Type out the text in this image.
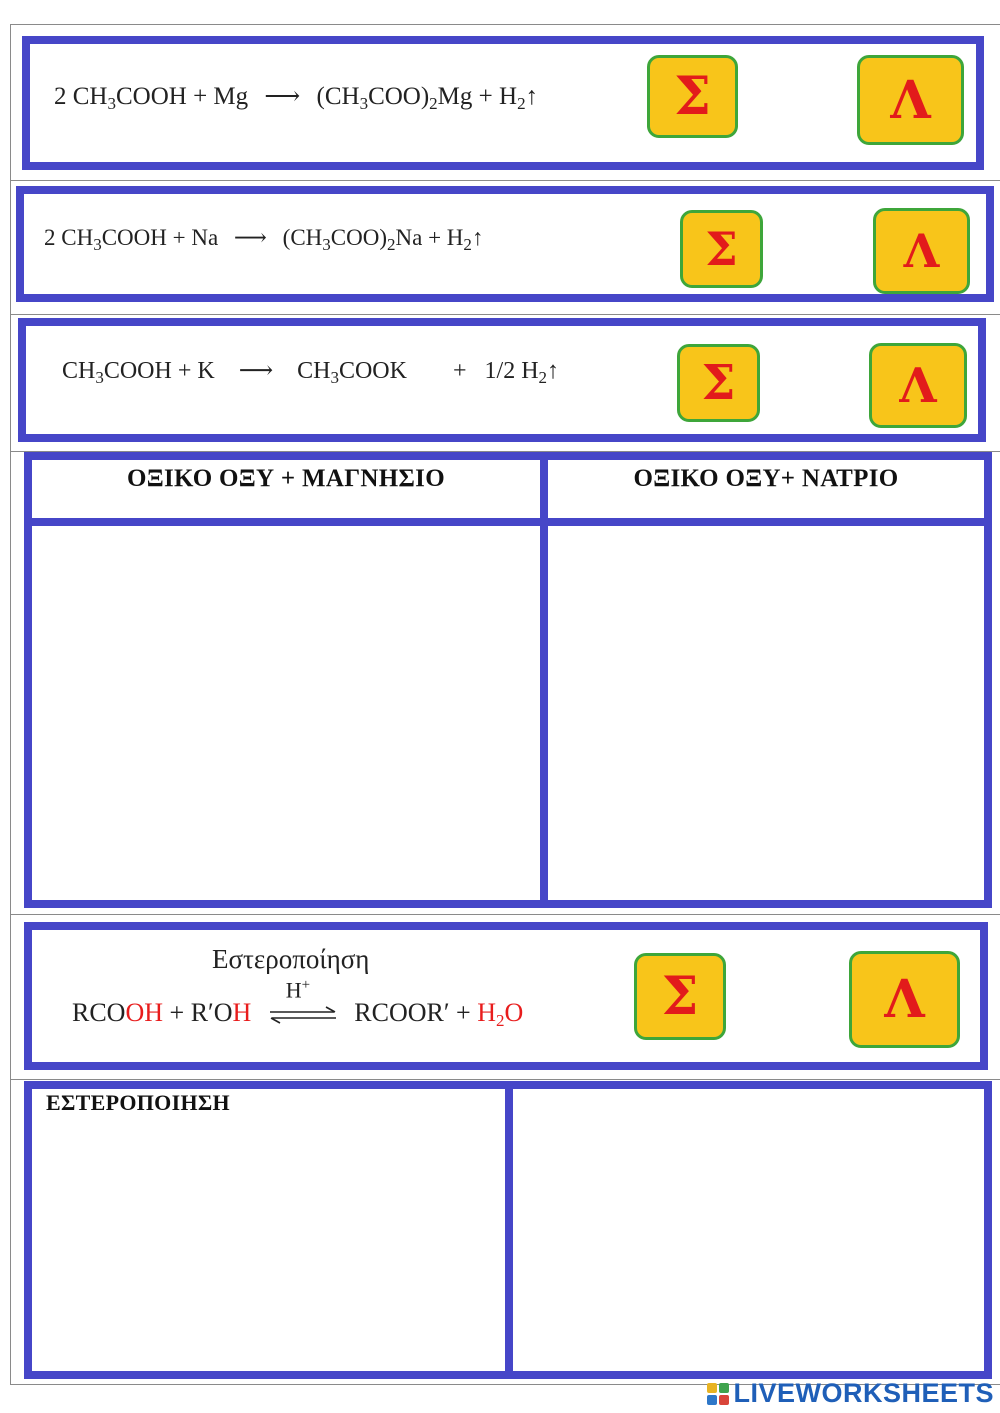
2 $CH_3COOH + Mg$ ⟶ $(CH_3COO)_2Mg$ + $H_2↑$	Σ	Λ
2 $CH_3COOH + Na$ ⟶ $(CH_3COO)_2Na$ + $H_2↑$	Σ	Λ
$CH_3COOH + K$ ⟶ $CH_3COOK + 1/2$ $H_2↑$	Σ	Λ
ΟΞΙΚΟ ΟΞΥ + ΜΑΓΝΗΣΙΟ	ΟΞΙΚΟ ΟΞΥ+ ΝΑΤΡΙΟ
Εστεροποίηση
RCOOH + R′OH
H+
RCOOR′ + $H_2O$	Σ	Λ
ΕΣΤΕΡΟΠΟΙΗΣΗ
LIVEWORKSHEETS
